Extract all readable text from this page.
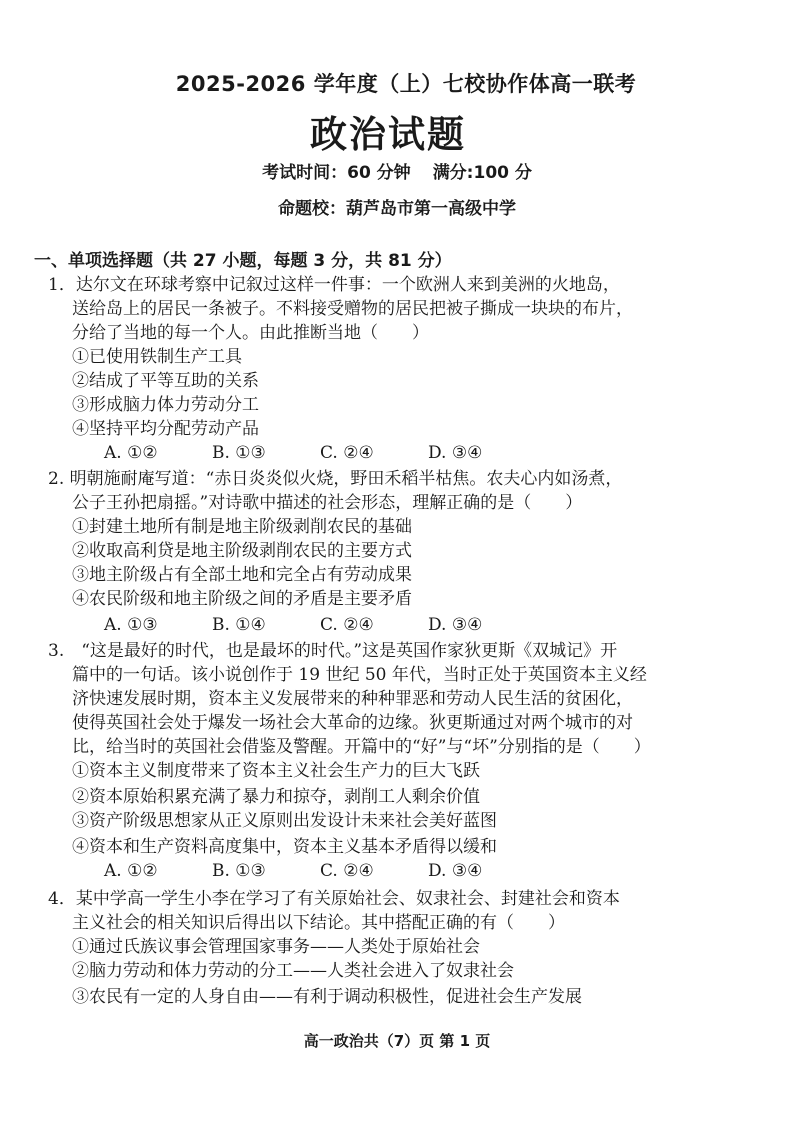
2025-2026 学年度（上）七校协作体高一联考
政治试题
考试时间：60 分钟 满分:100 分
命题校：葫芦岛市第一高级中学
一、单项选择题（共 27 小题，每题 3 分，共 81 分）
1．达尔文在环球考察中记叙过这样一件事：一个欧洲人来到美洲的火地岛，
送给岛上的居民一条被子。不料接受赠物的居民把被子撕成一块块的布片，
分给了当地的每一个人。由此推断当地（　　）
①已使用铁制生产工具
②结成了平等互助的关系
③形成脑力体力劳动分工
④坚持平均分配劳动产品
A. ①②	B. ①③	C. ②④	D. ③④
2. 明朝施耐庵写道：“赤日炎炎似火烧，野田禾稻半枯焦。农夫心内如汤煮，
公子王孙把扇摇。”对诗歌中描述的社会形态，理解正确的是（　　）
①封建土地所有制是地主阶级剥削农民的基础
②收取高利贷是地主阶级剥削农民的主要方式
③地主阶级占有全部土地和完全占有劳动成果
④农民阶级和地主阶级之间的矛盾是主要矛盾
A. ①③	B. ①④	C. ②④	D. ③④
3.　“这是最好的时代，也是最坏的时代。”这是英国作家狄更斯《双城记》开
篇中的一句话。该小说创作于 19 世纪 50 年代，当时正处于英国资本主义经
济快速发展时期，资本主义发展带来的种种罪恶和劳动人民生活的贫困化，
使得英国社会处于爆发一场社会大革命的边缘。狄更斯通过对两个城市的对
比，给当时的英国社会借鉴及警醒。开篇中的“好”与“坏”分别指的是（　　）
①资本主义制度带来了资本主义社会生产力的巨大飞跃
②资本原始积累充满了暴力和掠夺，剥削工人剩余价值
③资产阶级思想家从正义原则出发设计未来社会美好蓝图
④资本和生产资料高度集中，资本主义基本矛盾得以缓和
A. ①②	B. ①③	C. ②④	D. ③④
4．某中学高一学生小李在学习了有关原始社会、奴隶社会、封建社会和资本
主义社会的相关知识后得出以下结论。其中搭配正确的有（　　）
①通过氏族议事会管理国家事务——人类处于原始社会
②脑力劳动和体力劳动的分工——人类社会进入了奴隶社会
③农民有一定的人身自由——有利于调动积极性，促进社会生产发展
高一政治共（7）页 第 1 页
